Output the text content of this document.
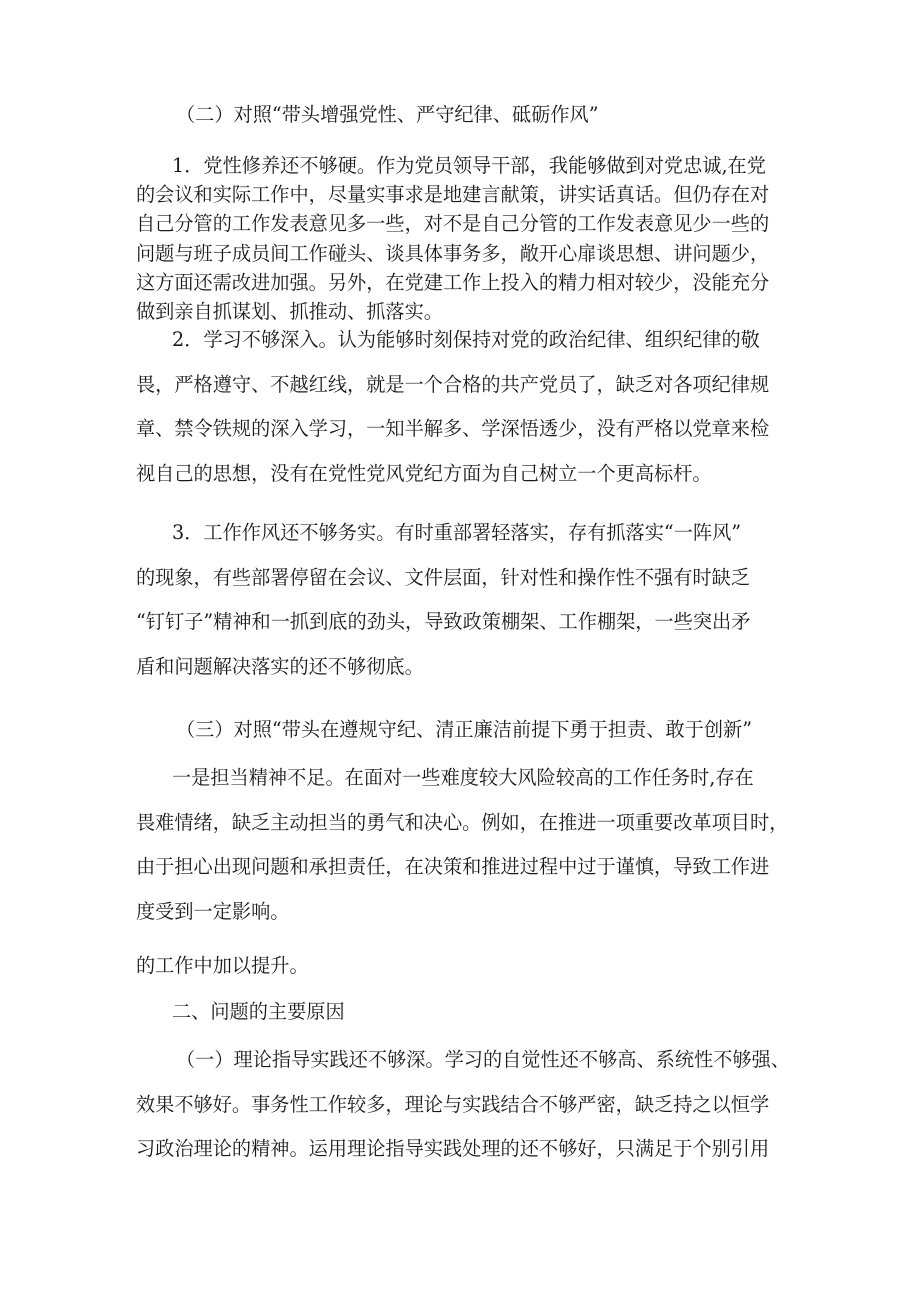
（二）对照“带头增强党性、严守纪律、砥砺作风”

1．党性修养还不够硬。作为党员领导干部，我能够做到对党忠诚,在党
的会议和实际工作中，尽量实事求是地建言献策，讲实话真话。但仍存在对
自己分管的工作发表意见多一些，对不是自己分管的工作发表意见少一些的
问题与班子成员间工作碰头、谈具体事务多，敞开心扉谈思想、讲问题少，
这方面还需改进加强。另外，在党建工作上投入的精力相对较少，没能充分
做到亲自抓谋划、抓推动、抓落实。

2．学习不够深入。认为能够时刻保持对党的政治纪律、组织纪律的敬
畏，严格遵守、不越红线，就是一个合格的共产党员了，缺乏对各项纪律规
章、禁令铁规的深入学习，一知半解多、学深悟透少，没有严格以党章来检
视自己的思想，没有在党性党风党纪方面为自己树立一个更高标杆。

3．工作作风还不够务实。有时重部署轻落实，存有抓落实“一阵风”
的现象，有些部署停留在会议、文件层面，针对性和操作性不强有时缺乏
“钉钉子”精神和一抓到底的劲头，导致政策棚架、工作棚架，一些突出矛
盾和问题解决落实的还不够彻底。

（三）对照“带头在遵规守纪、清正廉洁前提下勇于担责、敢于创新”

一是担当精神不足。在面对一些难度较大风险较高的工作任务时,存在
畏难情绪，缺乏主动担当的勇气和决心。例如，在推进一项重要改革项目时，
由于担心出现问题和承担责任，在决策和推进过程中过于谨慎，导致工作进
度受到一定影响。

的工作中加以提升。

二、问题的主要原因

（一）理论指导实践还不够深。学习的自觉性还不够高、系统性不够强、
效果不够好。事务性工作较多，理论与实践结合不够严密，缺乏持之以恒学
习政治理论的精神。运用理论指导实践处理的还不够好，只满足于个别引用
